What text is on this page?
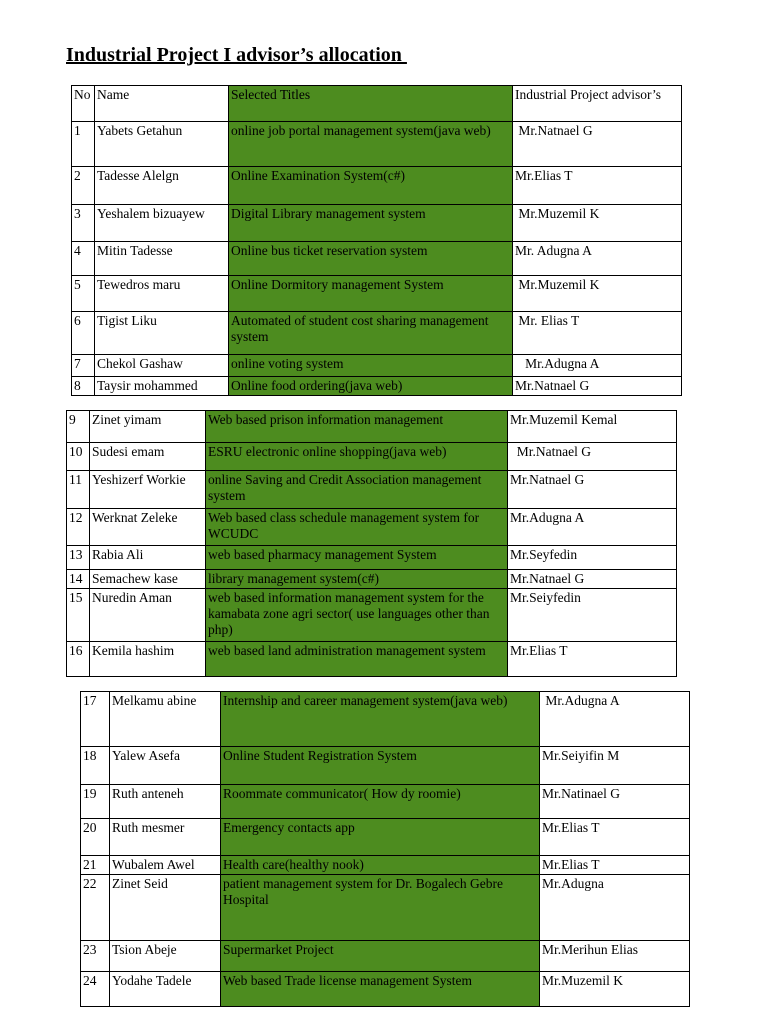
Industrial Project I advisor’s allocation
No	Name	Selected Titles	Industrial Project advisor’s
1	Yabets Getahun	online job portal management system(java web)	Mr.Natnael G
2	Tadesse Alelgn	Online Examination System(c#)	Mr.Elias T
3	Yeshalem bizuayew	Digital Library management system	Mr.Muzemil K
4	Mitin Tadesse	Online bus ticket reservation system	Mr. Adugna A
5	Tewedros maru	Online Dormitory management System	Mr.Muzemil K
6	Tigist Liku	Automated of student cost sharing management system	Mr. Elias T
7	Chekol Gashaw	online voting system	Mr.Adugna A
8	Taysir mohammed	Online food ordering(java web)	Mr.Natnael G
9	Zinet yimam	Web based prison information management	Mr.Muzemil Kemal
10	Sudesi emam	ESRU electronic online shopping(java web)	Mr.Natnael G
11	Yeshizerf Workie	online Saving and Credit Association management system	Mr.Natnael G
12	Werknat Zeleke	Web based class schedule management system for WCUDC	Mr.Adugna A
13	Rabia Ali	web based pharmacy management System	Mr.Seyfedin
14	Semachew kase	library management system(c#)	Mr.Natnael G
15	Nuredin Aman	web based information management system for the kamabata zone agri sector( use languages other than php)	Mr.Seiyfedin
16	Kemila hashim	web based land administration management system	Mr.Elias T
17	Melkamu abine	Internship and career management system(java web)	Mr.Adugna A
18	Yalew Asefa	Online Student Registration System	Mr.Seiyifin M
19	Ruth anteneh	Roommate communicator( How dy roomie)	Mr.Natinael G
20	Ruth mesmer	Emergency contacts app	Mr.Elias T
21	Wubalem Awel	Health care(healthy nook)	Mr.Elias T
22	Zinet Seid	patient management system for Dr. Bogalech Gebre Hospital	Mr.Adugna
23	Tsion Abeje	Supermarket Project	Mr.Merihun Elias
24	Yodahe Tadele	Web based Trade license management System	Mr.Muzemil K
